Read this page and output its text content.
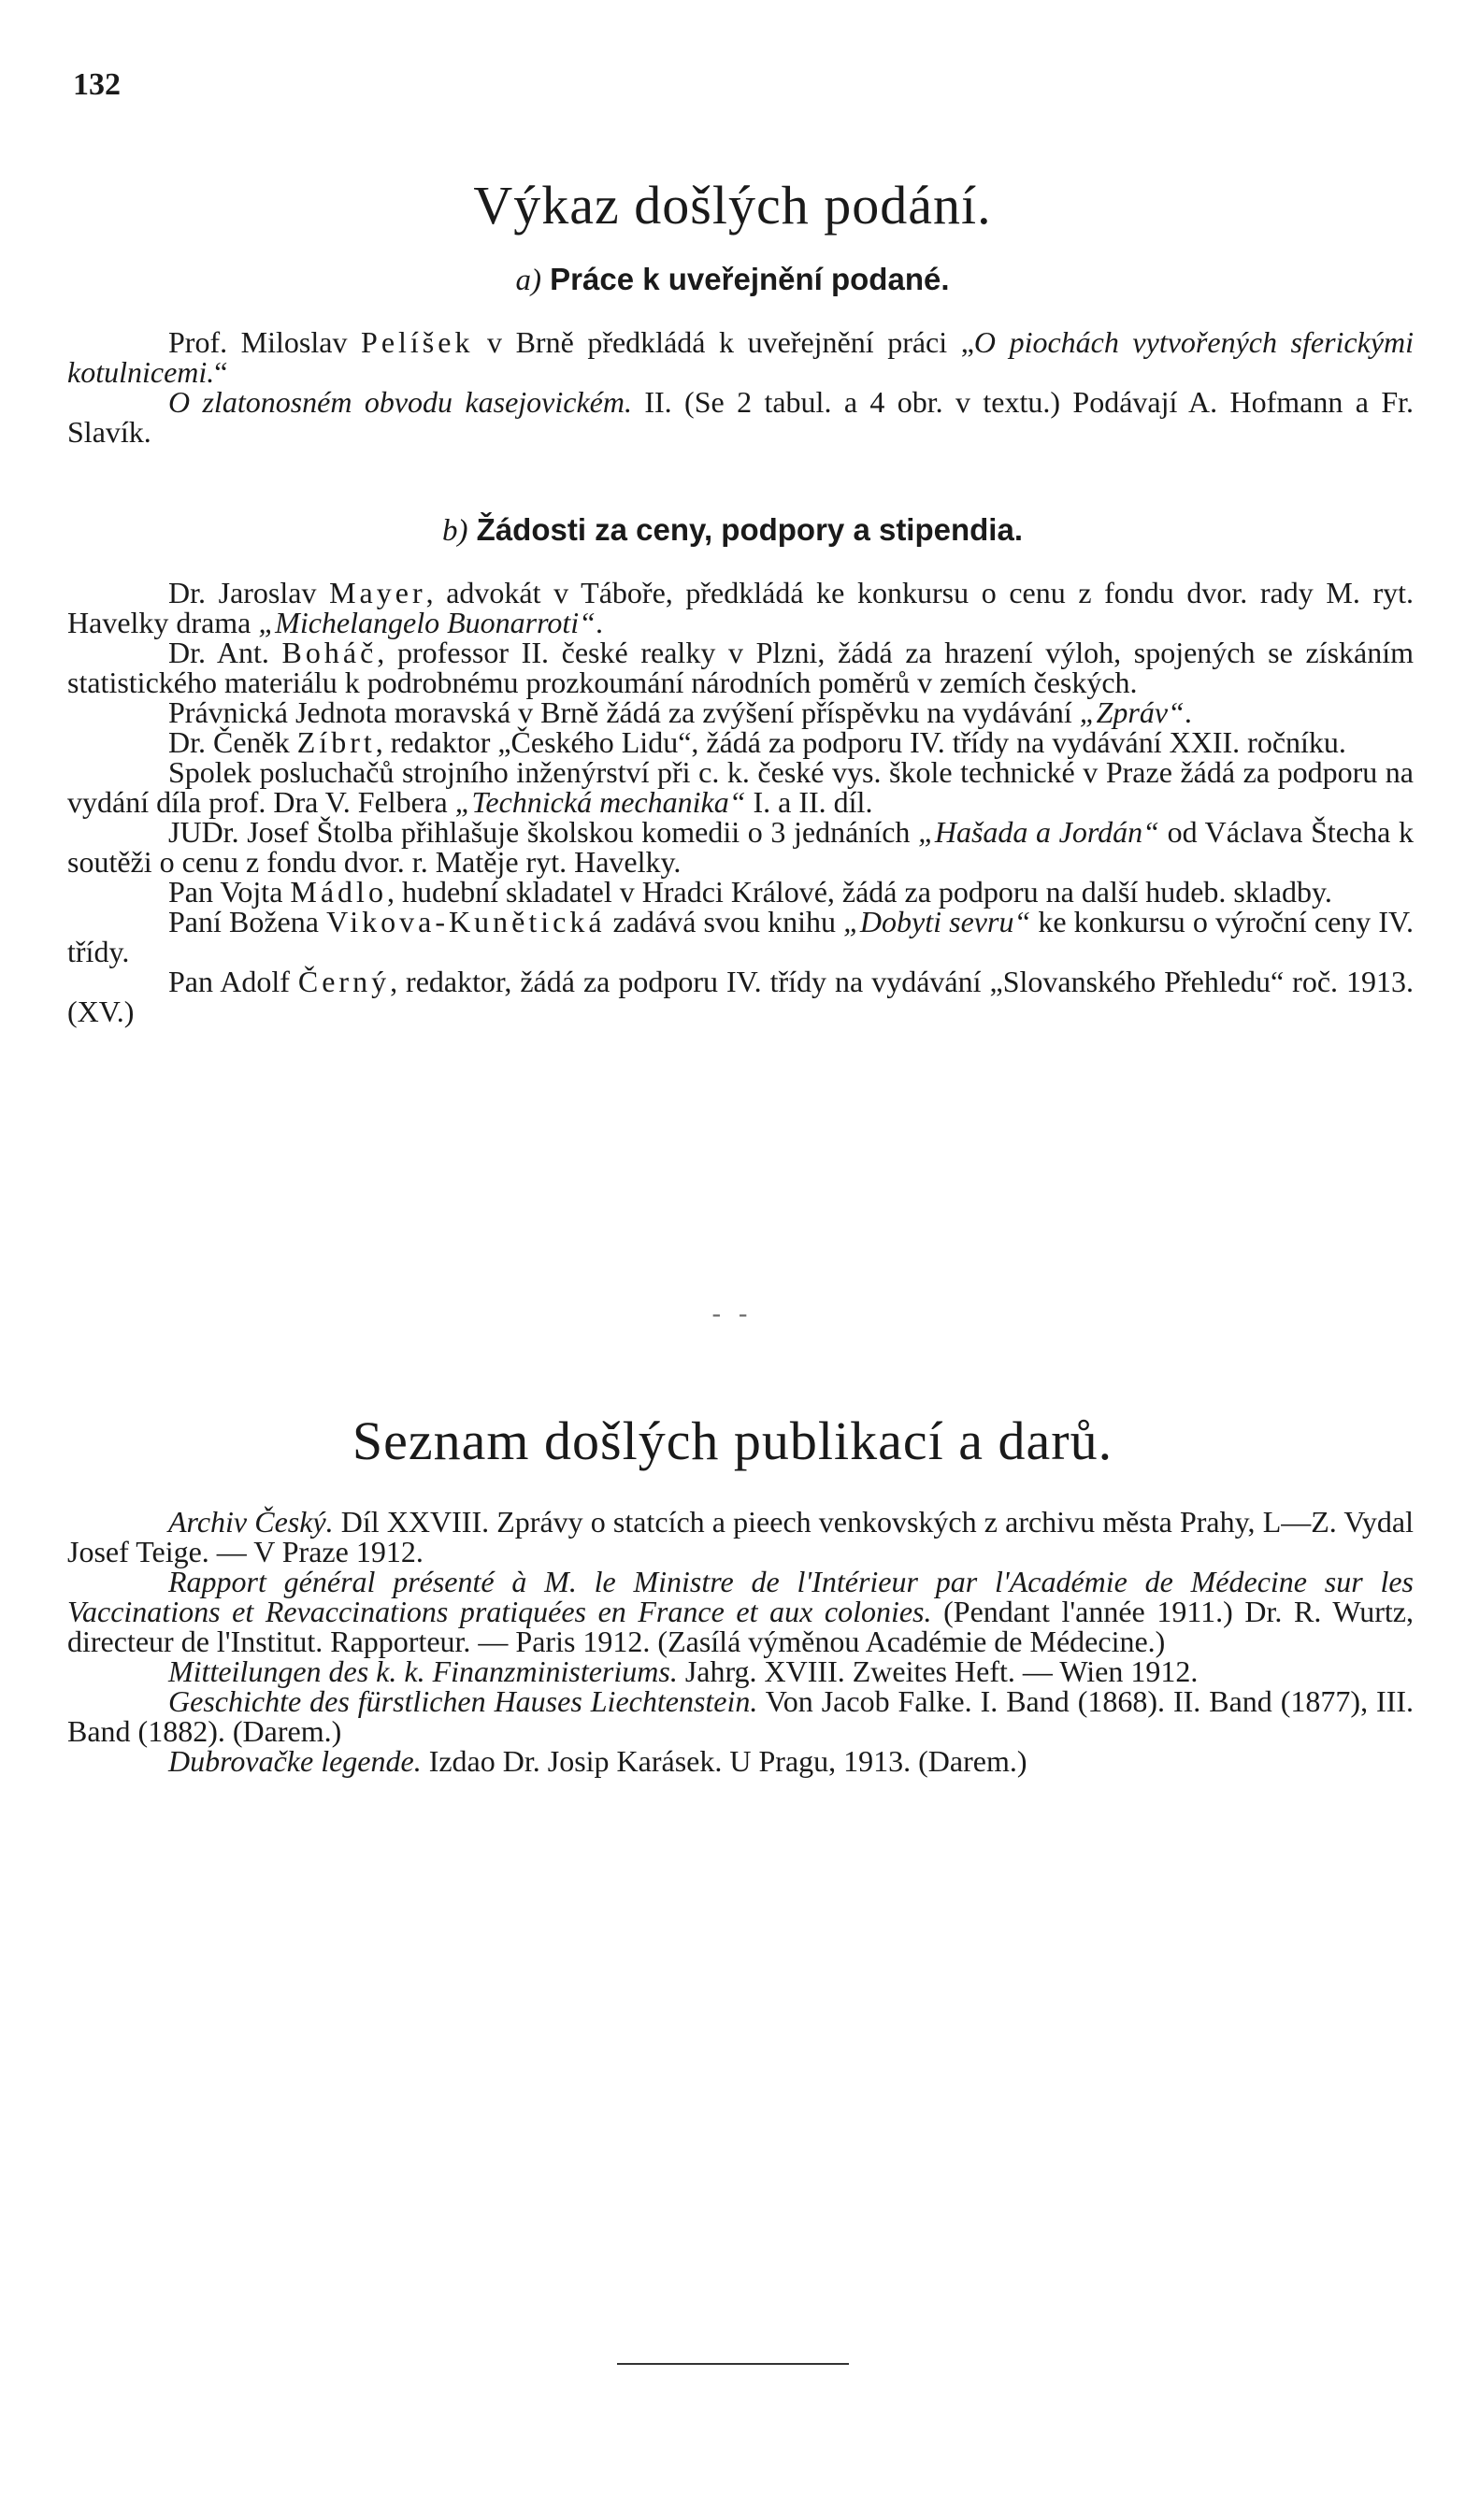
132
Výkaz došlých podání.
a) Práce k uveřejnění podané.

Prof. Miloslav Pelíšek v Brně předkládá k uveřejnění práci „O piochách vytvořených sferickými kotulnicemi.“

O zlatonosném obvodu kasejovickém. II. (Se 2 tabul. a 4 obr. v textu.) Podávají A. Hofmann a Fr. Slavík.

b) Žádosti za ceny, podpory a stipendia.

Dr. Jaroslav Mayer, advokát v Táboře, předkládá ke konkursu o cenu z fondu dvor. rady M. ryt. Havelky drama „Michelangelo Buonarroti“.

Dr. Ant. Boháč, professor II. české realky v Plzni, žádá za hrazení výloh, spojených se získáním statistického materiálu k podrobnému prozkoumání národních poměrů v zemích českých.

Právnická Jednota moravská v Brně žádá za zvýšení příspěvku na vydávání „Zpráv“.

Dr. Čeněk Zíbrt, redaktor „Českého Lidu“, žádá za podporu IV. třídy na vydávání XXII. ročníku.

Spolek posluchačů strojního inženýrství při c. k. české vys. škole technické v Praze žádá za podporu na vydání díla prof. Dra V. Felbera „Technická mechanika“ I. a II. díl.

JUDr. Josef Štolba přihlašuje školskou komedii o 3 jednáních „Hašada a Jordán“ od Václava Štecha k soutěži o cenu z fondu dvor. r. Matěje ryt. Havelky.

Pan Vojta Mádlo, hudební skladatel v Hradci Králové, žádá za podporu na další hudeb. skladby.

Paní Božena Vikova-Kunětická zadává svou knihu „Dobyti sevru“ ke konkursu o výroční ceny IV. třídy.

Pan Adolf Černý, redaktor, žádá za podporu IV. třídy na vydávání „Slovanského Přehledu“ roč. 1913. (XV.)

- -
Seznam došlých publikací a darů.

Archiv Český. Díl XXVIII. Zprávy o statcích a pieech venkovských z archivu města Prahy, L—Z. Vydal Josef Teige. — V Praze 1912.

Rapport général présenté à M. le Ministre de l'Intérieur par l'Académie de Médecine sur les Vaccinations et Revaccinations pratiquées en France et aux colonies. (Pendant l'année 1911.) Dr. R. Wurtz, directeur de l'Institut. Rapporteur. — Paris 1912. (Zasílá výměnou Académie de Médecine.)

Mitteilungen des k. k. Finanzministeriums. Jahrg. XVIII. Zweites Heft. — Wien 1912.

Geschichte des fürstlichen Hauses Liechtenstein. Von Jacob Falke. I. Band (1868). II. Band (1877), III. Band (1882). (Darem.)

Dubrovačke legende. Izdao Dr. Josip Karásek. U Pragu, 1913. (Darem.)
